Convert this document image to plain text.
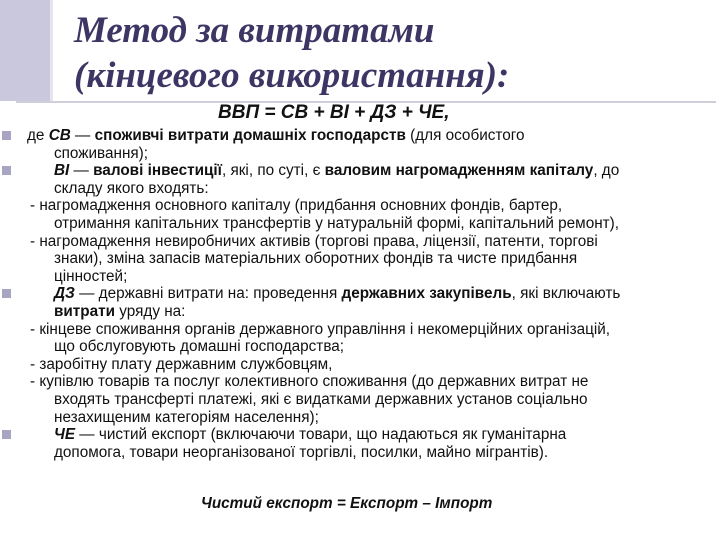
Метод за витратами
(кінцевого використання):
ВВП = СВ + ВІ + ДЗ + ЧЕ,
де СВ — споживчі витрати домашніх господарств (для особистого
споживання);
ВІ — валові інвестиції, які, по суті, є валовим нагромадженням капіталу, до
складу якого входять:
- нагромадження основного капіталу (придбання основних фондів, бартер,
отримання капітальних трансфертів у натуральній формі, капітальний ремонт),
- нагромадження невиробничих активів (торгові права, ліцензії, патенти, торгові
знаки), зміна запасів матеріальних оборотних фондів та чисте придбання
цінностей;
ДЗ — державні витрати на: проведення державних закупівель, які включають
витрати уряду на:
- кінцеве споживання органів державного управління і некомерційних організацій,
що обслуговують домашні господарства;
- заробітну плату державним службовцям,
- купівлю товарів та послуг колективного споживання (до державних витрат не
входять трансферті платежі, які є видатками державних установ соціально
незахищеним категоріям населення);
ЧЕ — чистий експорт (включаючи товари, що надаються як гуманітарна
допомога, товари неорганізованої торгівлі, посилки, майно мігрантів).
Чистий експорт = Експорт – Імпорт
